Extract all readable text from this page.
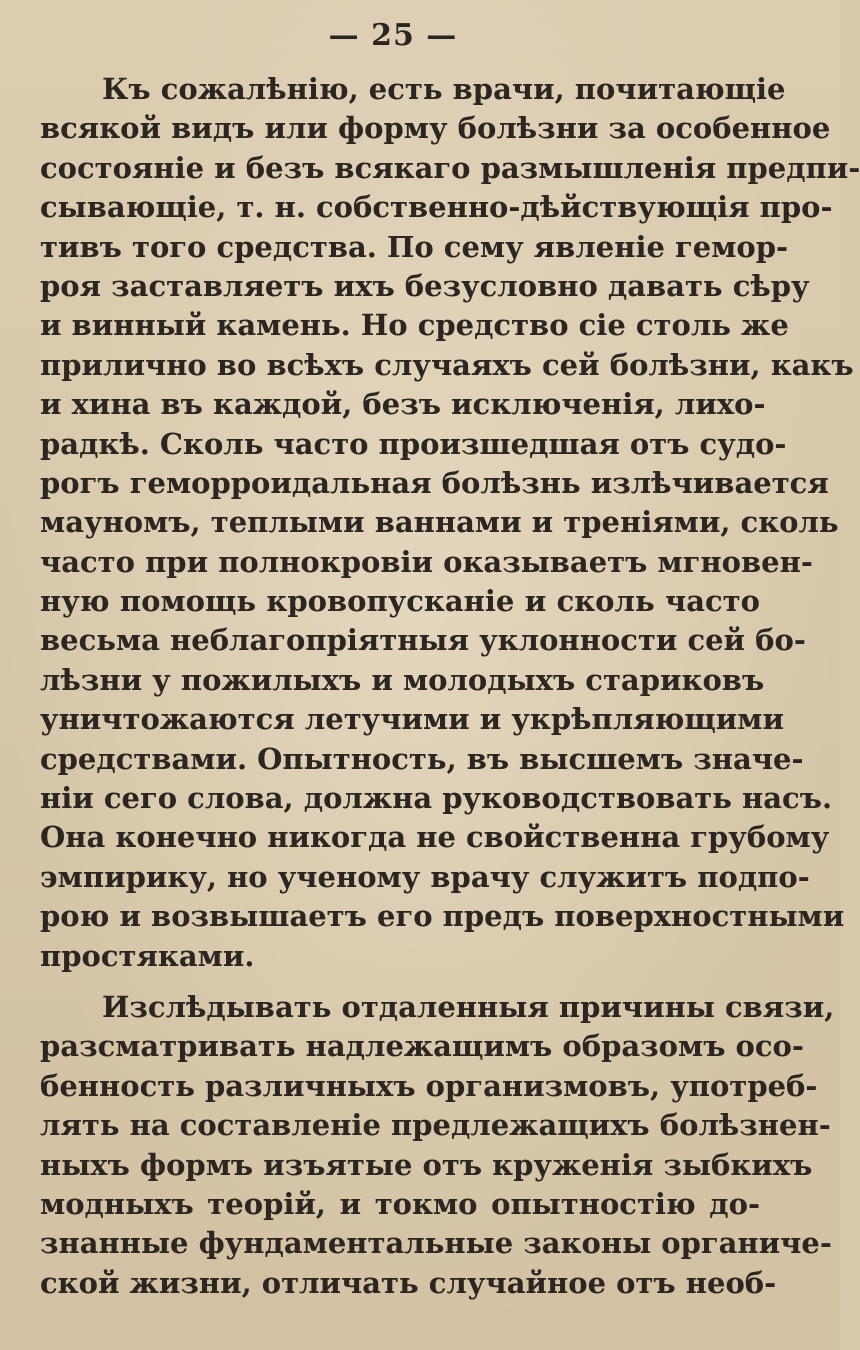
— 25 —
Къ сожалѣнію, есть врачи, почитающіе
всякой видъ или форму болѣзни за особенное
состояніе и безъ всякаго размышленія предпи-
сывающіе, т. н. собственно-дѣйствующія про-
тивъ того средства. По сему явленіе гемор-
роя заставляетъ ихъ безусловно давать сѣру
и винный камень. Но средство сіе столь же
прилично во всѣхъ случаяхъ сей болѣзни, какъ
и хина въ каждой, безъ исключенія, лихо-
радкѣ. Сколь часто произшедшая отъ судо-
рогъ геморроидальная болѣзнь излѣчивается
мауномъ, теплыми ваннами и треніями, сколь
часто при полнокровіи оказываетъ мгновен-
ную помощь кровопусканіе и сколь часто
весьма неблагопріятныя уклонности сей бо-
лѣзни у пожилыхъ и молодыхъ стариковъ
уничтожаются летучими и укрѣпляющими
средствами. Опытность, въ высшемъ значе-
ніи сего слова, должна руководствовать насъ.
Она конечно никогда не свойственна грубому
эмпирику, но ученому врачу служитъ подпо-
рою и возвышаетъ его предъ поверхностными
простяками.
Изслѣдывать отдаленныя причины связи,
разсматривать надлежащимъ образомъ осо-
бенность различныхъ организмовъ, употреб-
лять на составленіе предлежащихъ болѣзнен-
ныхъ формъ изъятые отъ круженія зыбкихъ
модныхъ теорій, и токмо опытностію до-
знанные фундаментальные законы органиче-
ской жизни, отличать случайное отъ необ-
